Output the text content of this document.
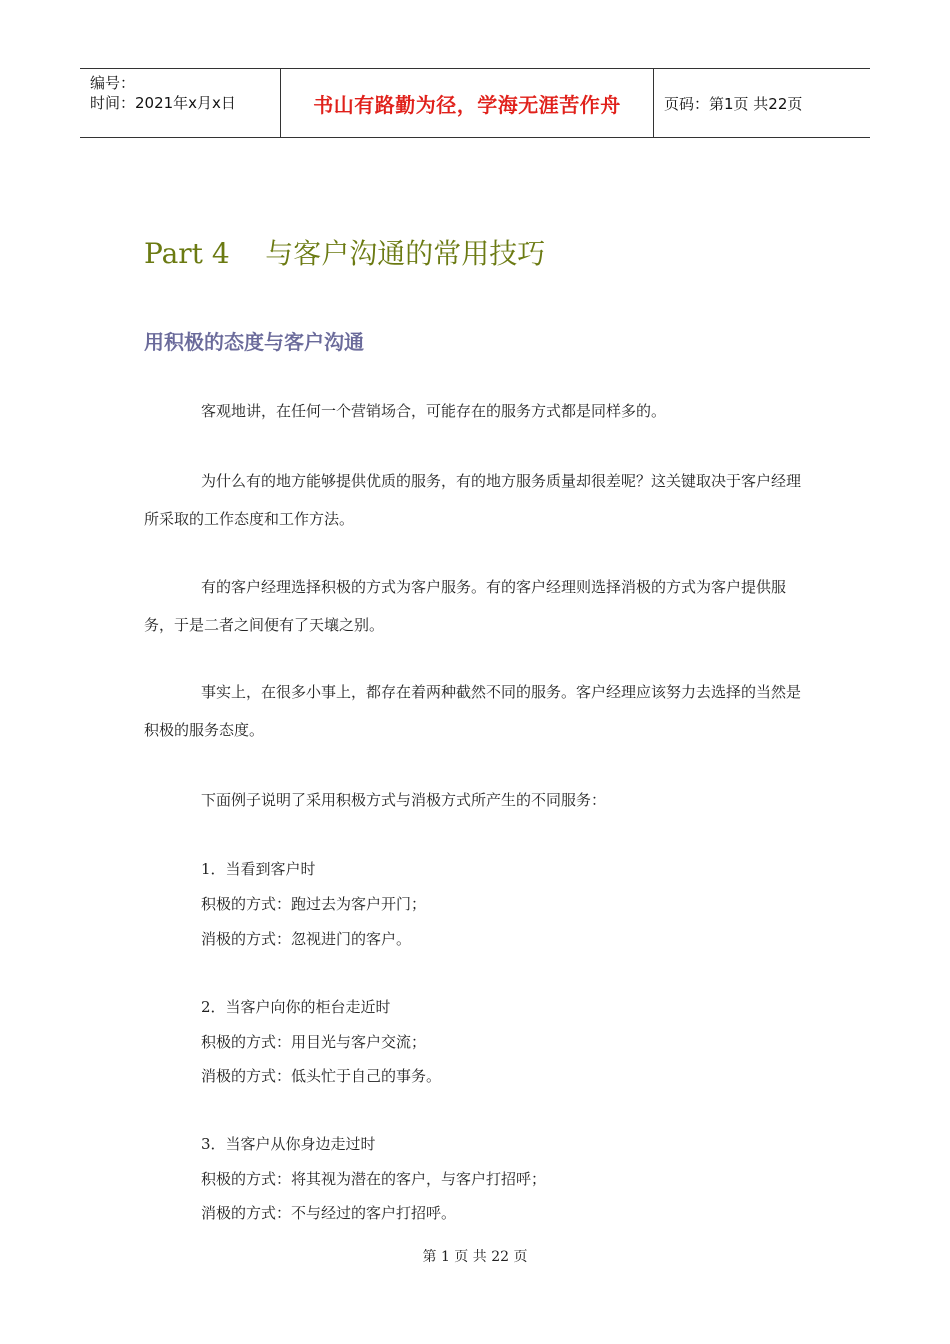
编号：
时间：2021年x月x日	书山有路勤为径，学海无涯苦作舟	页码：第1页 共22页
Part 4    与客户沟通的常用技巧
用积极的态度与客户沟通
客观地讲，在任何一个营销场合，可能存在的服务方式都是同样多的。
为什么有的地方能够提供优质的服务，有的地方服务质量却很差呢？这关键取决于客户经理所采取的工作态度和工作方法。
有的客户经理选择积极的方式为客户服务。有的客户经理则选择消极的方式为客户提供服务，于是二者之间便有了天壤之别。
事实上，在很多小事上，都存在着两种截然不同的服务。客户经理应该努力去选择的当然是积极的服务态度。
下面例子说明了采用积极方式与消极方式所产生的不同服务：
1．当看到客户时
积极的方式：跑过去为客户开门；
消极的方式：忽视进门的客户。
2．当客户向你的柜台走近时
积极的方式：用目光与客户交流；
消极的方式：低头忙于自己的事务。
3．当客户从你身边走过时
积极的方式：将其视为潜在的客户，与客户打招呼；
消极的方式：不与经过的客户打招呼。
第 1 页 共 22 页
